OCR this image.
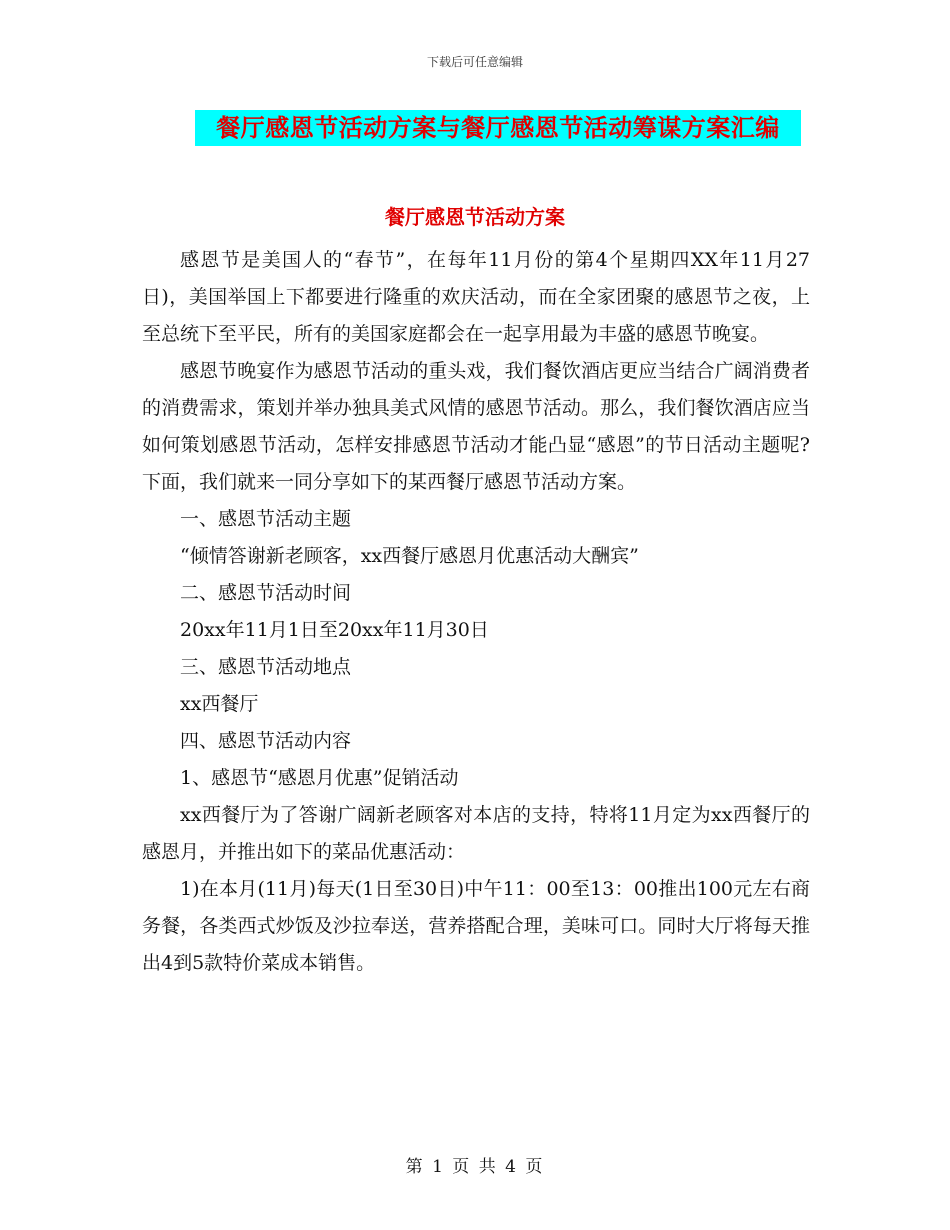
下载后可任意编辑
餐厅感恩节活动方案与餐厅感恩节活动筹谋方案汇编
餐厅感恩节活动方案

感恩节是美国人的“春节”，在每年11月份的第4个星期四XX年11月27日)，美国举国上下都要进行隆重的欢庆活动，而在全家团聚的感恩节之夜，上至总统下至平民，所有的美国家庭都会在一起享用最为丰盛的感恩节晚宴。

感恩节晚宴作为感恩节活动的重头戏，我们餐饮酒店更应当结合广阔消费者的消费需求，策划并举办独具美式风情的感恩节活动。那么，我们餐饮酒店应当如何策划感恩节活动，怎样安排感恩节活动才能凸显“感恩”的节日活动主题呢?下面，我们就来一同分享如下的某西餐厅感恩节活动方案。

一、感恩节活动主题

“倾情答谢新老顾客，xx西餐厅感恩月优惠活动大酬宾”

二、感恩节活动时间

20xx年11月1日至20xx年11月30日

三、感恩节活动地点

xx西餐厅

四、感恩节活动内容

1、感恩节“感恩月优惠”促销活动

xx西餐厅为了答谢广阔新老顾客对本店的支持，特将11月定为xx西餐厅的感恩月，并推出如下的菜品优惠活动：

1)在本月(11月)每天(1日至30日)中午11：00至13：00推出100元左右商务餐，各类西式炒饭及沙拉奉送，营养搭配合理，美味可口。同时大厅将每天推出4到5款特价菜成本销售。

第 1 页 共 4 页
